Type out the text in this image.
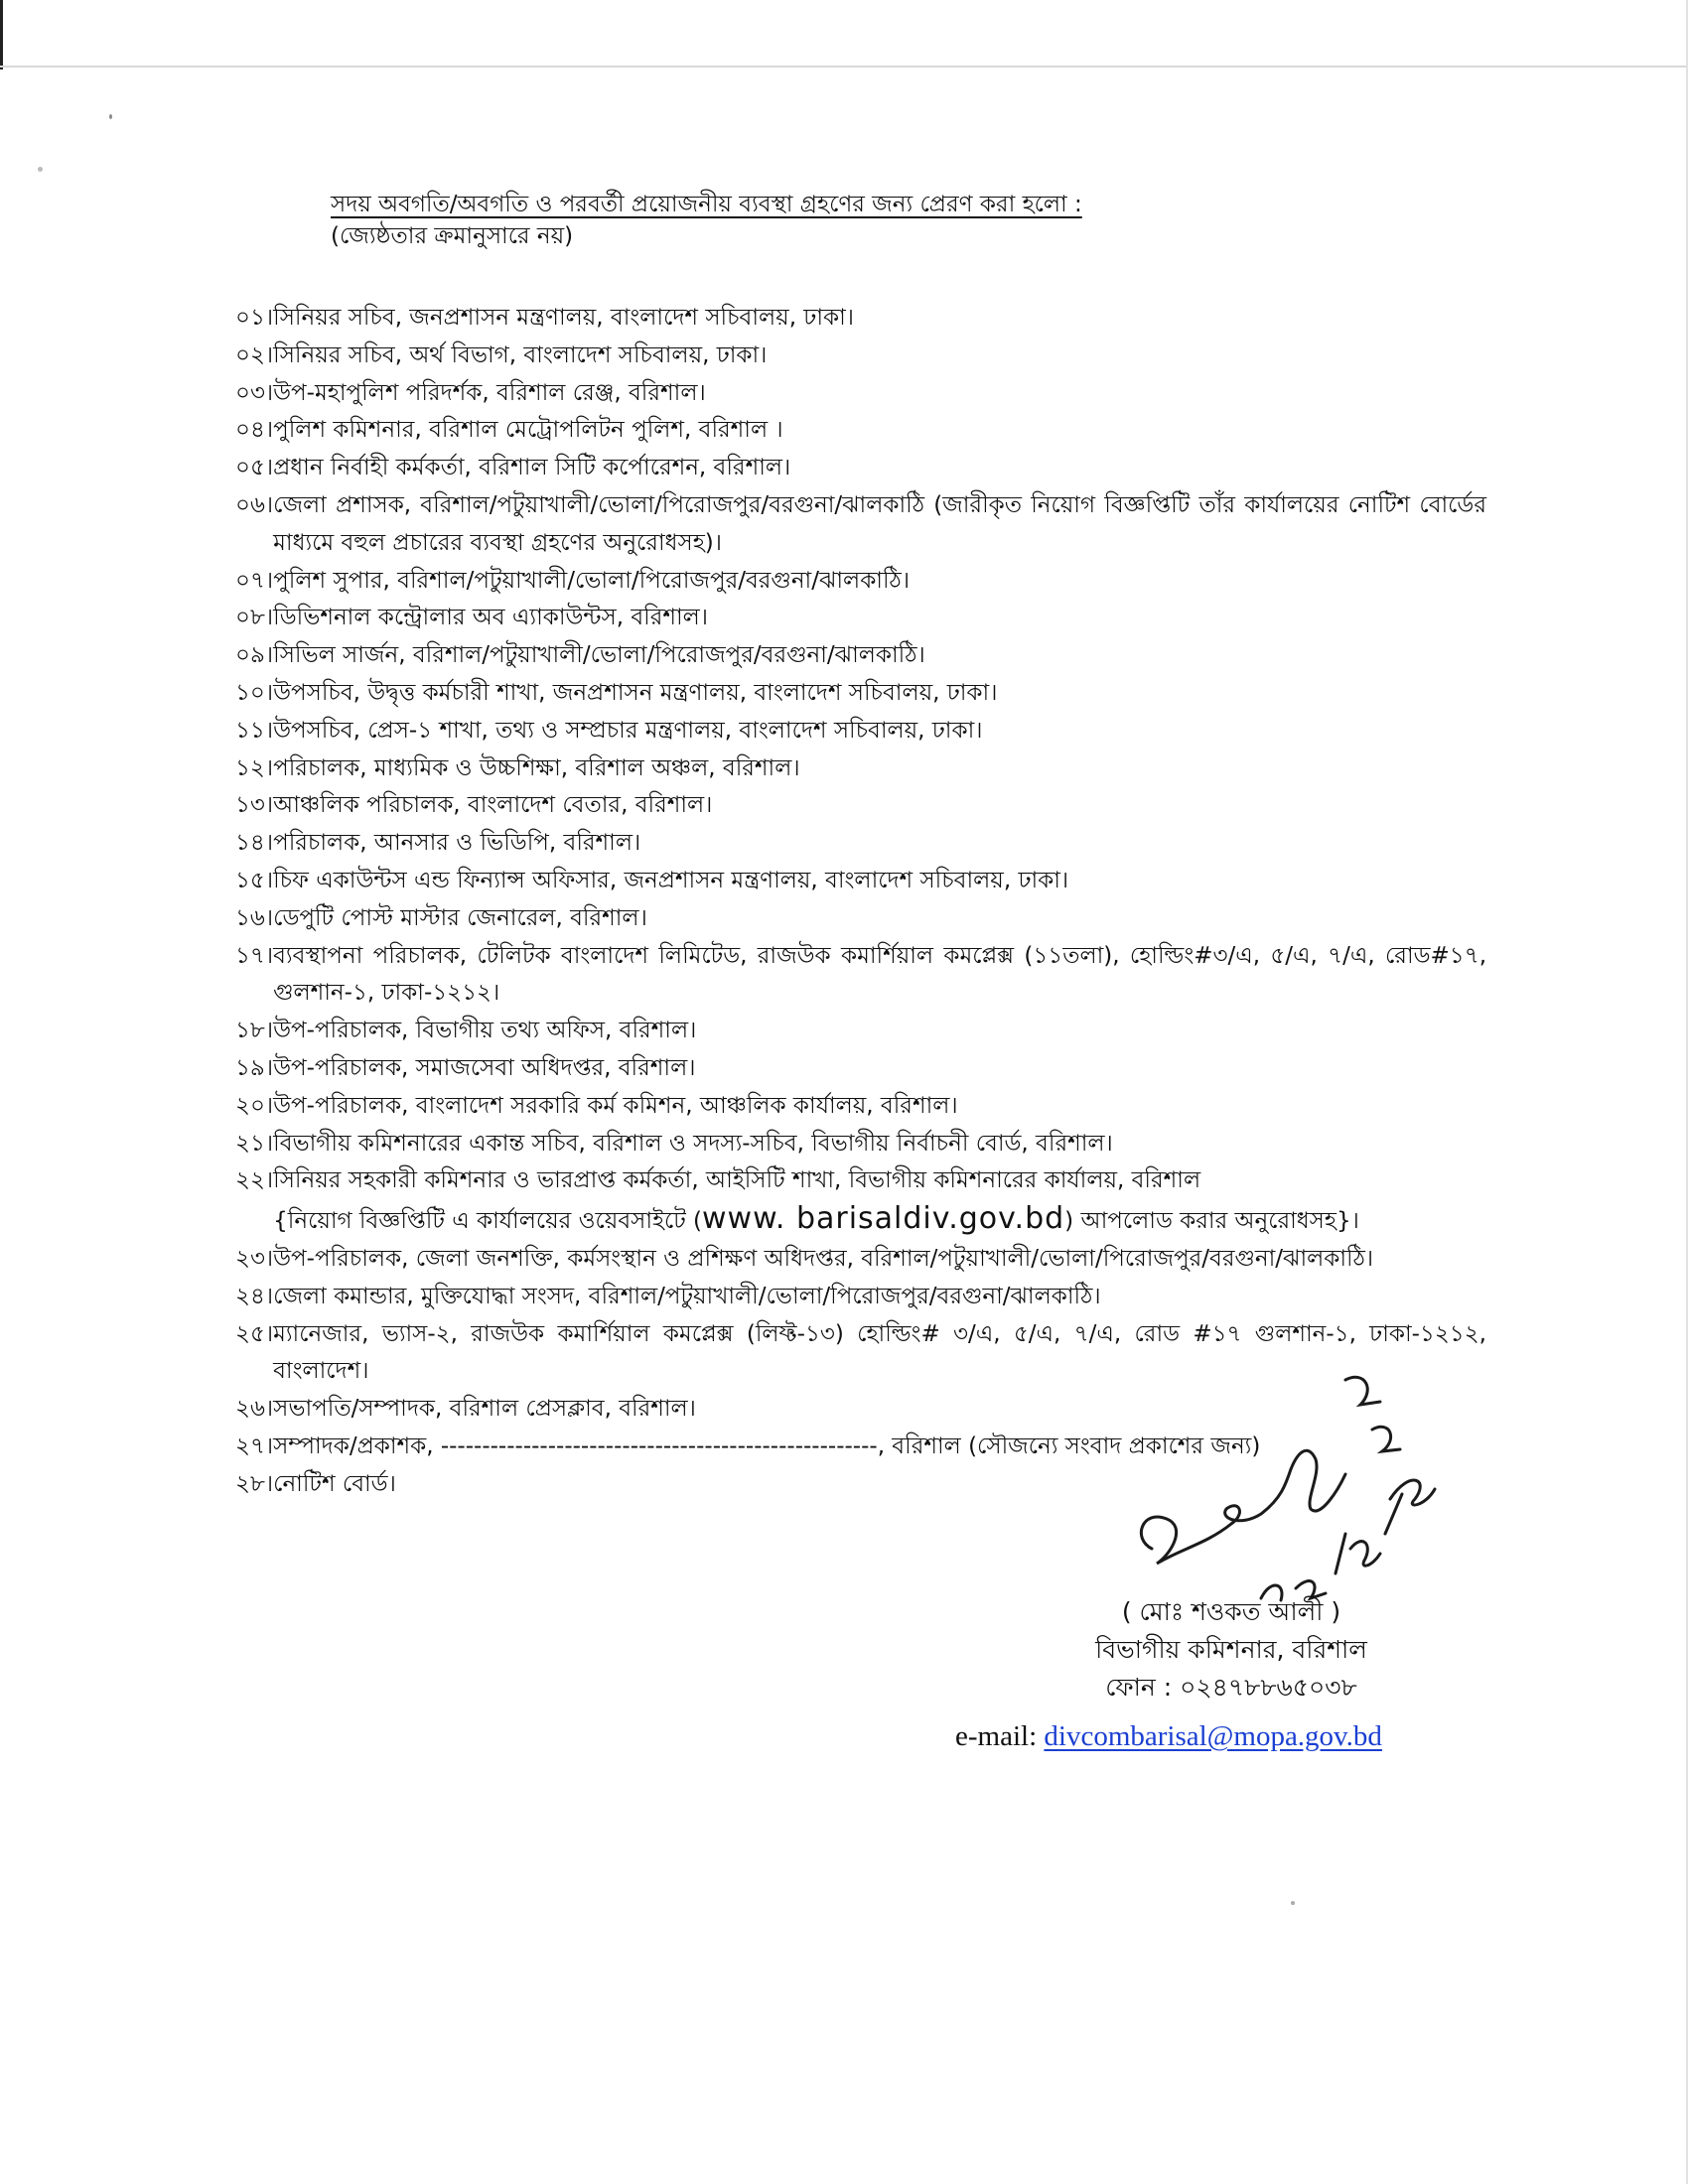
সদয় অবগতি/অবগতি ও পরবর্তী প্রয়োজনীয় ব্যবস্থা গ্রহণের জন্য প্রেরণ করা হলো :
(জ্যেষ্ঠতার ক্রমানুসারে নয়)
০১। সিনিয়র সচিব, জনপ্রশাসন মন্ত্রণালয়, বাংলাদেশ সচিবালয়, ঢাকা।
০২। সিনিয়র সচিব, অর্থ বিভাগ, বাংলাদেশ সচিবালয়, ঢাকা।
০৩। উপ-মহাপুলিশ পরিদর্শক, বরিশাল রেঞ্জ, বরিশাল।
০৪। পুলিশ কমিশনার, বরিশাল মেট্রোপলিটন পুলিশ, বরিশাল ।
০৫। প্রধান নির্বাহী কর্মকর্তা, বরিশাল সিটি কর্পোরেশন, বরিশাল।
০৬। জেলা প্রশাসক, বরিশাল/পটুয়াখালী/ভোলা/পিরোজপুর/বরগুনা/ঝালকাঠি (জারীকৃত নিয়োগ বিজ্ঞপ্তিটি তাঁর কার্যালয়ের নোটিশ বোর্ডের মাধ্যমে বহুল প্রচারের ব্যবস্থা গ্রহণের অনুরোধসহ)।
০৭। পুলিশ সুপার, বরিশাল/পটুয়াখালী/ভোলা/পিরোজপুর/বরগুনা/ঝালকাঠি।
০৮। ডিভিশনাল কন্ট্রোলার অব এ্যাকাউন্টস, বরিশাল।
০৯। সিভিল সার্জন, বরিশাল/পটুয়াখালী/ভোলা/পিরোজপুর/বরগুনা/ঝালকাঠি।
১০। উপসচিব, উদ্বৃত্ত কর্মচারী শাখা, জনপ্রশাসন মন্ত্রণালয়, বাংলাদেশ সচিবালয়, ঢাকা।
১১। উপসচিব, প্রেস-১ শাখা, তথ্য ও সম্প্রচার মন্ত্রণালয়, বাংলাদেশ সচিবালয়, ঢাকা।
১২। পরিচালক, মাধ্যমিক ও উচ্চশিক্ষা, বরিশাল অঞ্চল, বরিশাল।
১৩। আঞ্চলিক পরিচালক, বাংলাদেশ বেতার, বরিশাল।
১৪। পরিচালক, আনসার ও ভিডিপি, বরিশাল।
১৫। চিফ একাউন্টস এন্ড ফিন্যান্স অফিসার, জনপ্রশাসন মন্ত্রণালয়, বাংলাদেশ সচিবালয়, ঢাকা।
১৬। ডেপুটি পোস্ট মাস্টার জেনারেল, বরিশাল।
১৭। ব্যবস্থাপনা পরিচালক, টেলিটক বাংলাদেশ লিমিটেড, রাজউক কমার্শিয়াল কমপ্লেক্স (১১তলা), হোল্ডিং#৩/এ, ৫/এ, ৭/এ, রোড#১৭, গুলশান-১, ঢাকা-১২১২।
১৮। উপ-পরিচালক, বিভাগীয় তথ্য অফিস, বরিশাল।
১৯। উপ-পরিচালক, সমাজসেবা অধিদপ্তর, বরিশাল।
২০। উপ-পরিচালক, বাংলাদেশ সরকারি কর্ম কমিশন, আঞ্চলিক কার্যালয়, বরিশাল।
২১। বিভাগীয় কমিশনারের একান্ত সচিব, বরিশাল ও সদস্য-সচিব, বিভাগীয় নির্বাচনী বোর্ড, বরিশাল।
২২। সিনিয়র সহকারী কমিশনার ও ভারপ্রাপ্ত কর্মকর্তা, আইসিটি শাখা, বিভাগীয় কমিশনারের কার্যালয়, বরিশাল
{নিয়োগ বিজ্ঞপ্তিটি এ কার্যালয়ের ওয়েবসাইটে (www. barisaldiv.gov.bd) আপলোড করার অনুরোধসহ}।
২৩। উপ-পরিচালক, জেলা জনশক্তি, কর্মসংস্থান ও প্রশিক্ষণ অধিদপ্তর, বরিশাল/পটুয়াখালী/ভোলা/পিরোজপুর/বরগুনা/ঝালকাঠি।
২৪। জেলা কমান্ডার, মুক্তিযোদ্ধা সংসদ, বরিশাল/পটুয়াখালী/ভোলা/পিরোজপুর/বরগুনা/ঝালকাঠি।
২৫। ম্যানেজার, ভ্যাস-২, রাজউক কমার্শিয়াল কমপ্লেক্স (লিফ্ট-১৩) হোল্ডিং# ৩/এ, ৫/এ, ৭/এ, রোড #১৭ গুলশান-১, ঢাকা-১২১২, বাংলাদেশ।
২৬। সভাপতি/সম্পাদক, বরিশাল প্রেসক্লাব, বরিশাল।
২৭। সম্পাদক/প্রকাশক, -----------------------------------------------------, বরিশাল (সৌজন্যে সংবাদ প্রকাশের জন্য)
২৮। নোটিশ বোর্ড।
( মোঃ শওকত আলী )
বিভাগীয় কমিশনার, বরিশাল
ফোন : ০২৪৭৮৮৬৫০৩৮
e-mail: divcombarisal@mopa.gov.bd
